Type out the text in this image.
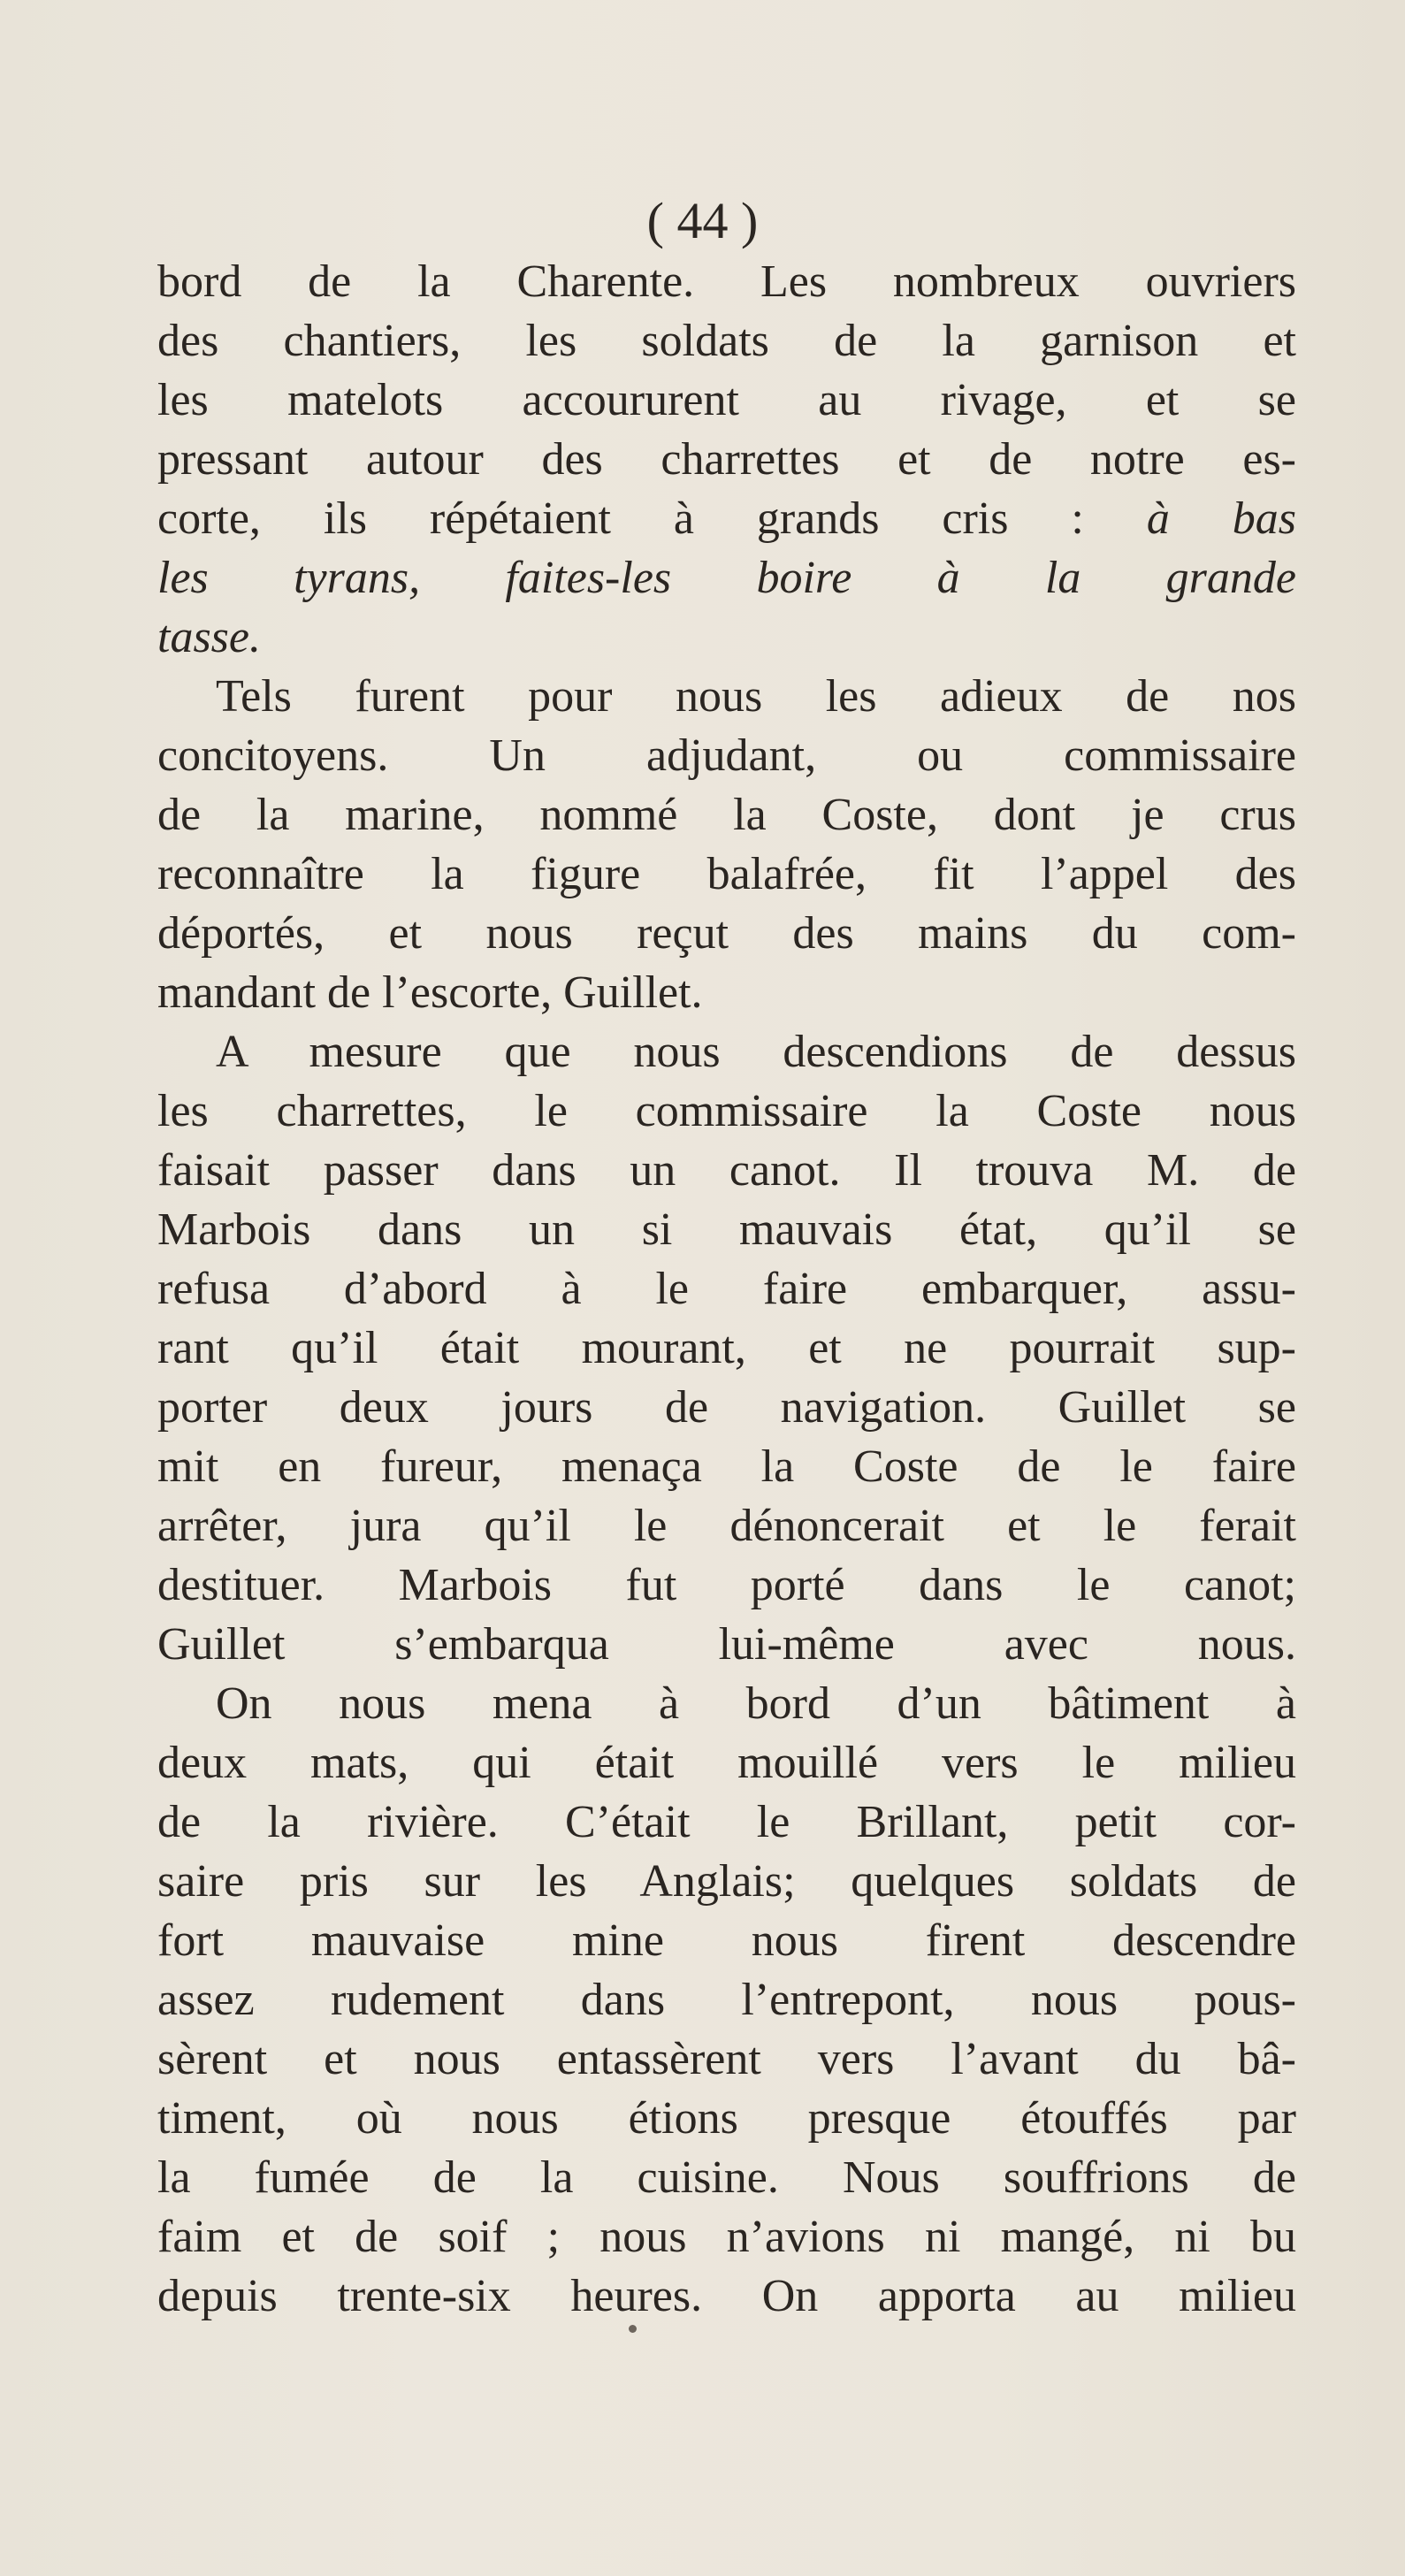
( 44 )
bord de la Charente. Les nombreux ouvriers
des chantiers, les soldats de la garnison et
les matelots accoururent au rivage, et se
pressant autour des charrettes et de notre es-
corte, ils répétaient à grands cris : à bas
les tyrans, faites-les boire à la grande
tasse.
Tels furent pour nous les adieux de nos
concitoyens. Un adjudant, ou commissaire
de la marine, nommé la Coste, dont je crus
reconnaître la figure balafrée, fit l’appel des
déportés, et nous reçut des mains du com-
mandant de l’escorte, Guillet.
A mesure que nous descendions de dessus
les charrettes, le commissaire la Coste nous
faisait passer dans un canot. Il trouva M. de
Marbois dans un si mauvais état, qu’il se
refusa d’abord à le faire embarquer, assu-
rant qu’il était mourant, et ne pourrait sup-
porter deux jours de navigation. Guillet se
mit en fureur, menaça la Coste de le faire
arrêter, jura qu’il le dénoncerait et le ferait
destituer. Marbois fut porté dans le canot;
Guillet s’embarqua lui-même avec nous.
On nous mena à bord d’un bâtiment à
deux mats, qui était mouillé vers le milieu
de la rivière. C’était le Brillant, petit cor-
saire pris sur les Anglais; quelques soldats de
fort mauvaise mine nous firent descendre
assez rudement dans l’entrepont, nous pous-
sèrent et nous entassèrent vers l’avant du bâ-
timent, où nous étions presque étouffés par
la fumée de la cuisine. Nous souffrions de
faim et de soif ; nous n’avions ni mangé, ni bu
depuis trente-six heures. On apporta au milieu
